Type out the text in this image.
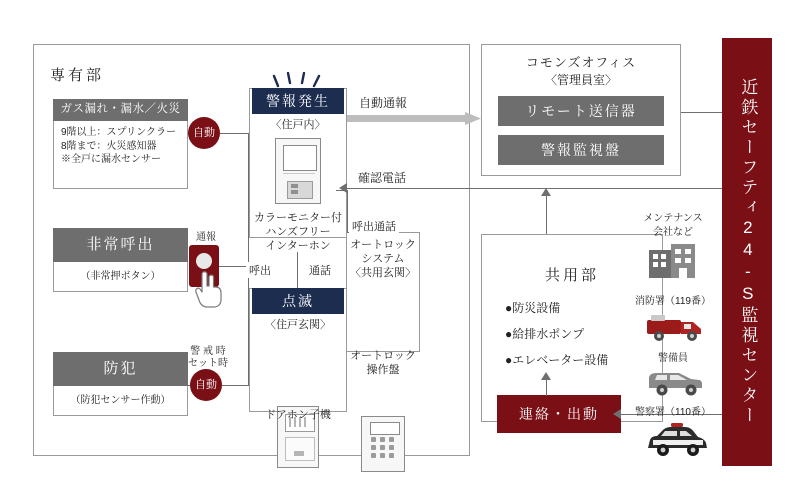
専有部
ガス漏れ・漏水／火災
9階以上：スプリンクラー
8階まで：火災感知器
※全戸に漏水センサー
自動
非常呼出
（非常押ボタン）
通報
防犯
（防犯センサー作動）
警 戒 時
セット時
自動
警報発生
〈住戸内〉
カラーモニター付
ハンズフリー
インターホン
点滅
〈住戸玄関〉
ドアホン子機
呼出	通話
オートロック
システム
〈共用玄関〉
オートロック
操作盤
呼出通話
コモンズオフィス
〈管理員室〉
リモート送信器
警報監視盤
共用部
●防災設備
●給排水ポンプ
●エレベーター設備
連絡・出動
自動通報
確認電話	近鉄セーフティ24‑S監視センター
メンテナンス
会社など
消防署（119番）
警備員
警察署（110番）
